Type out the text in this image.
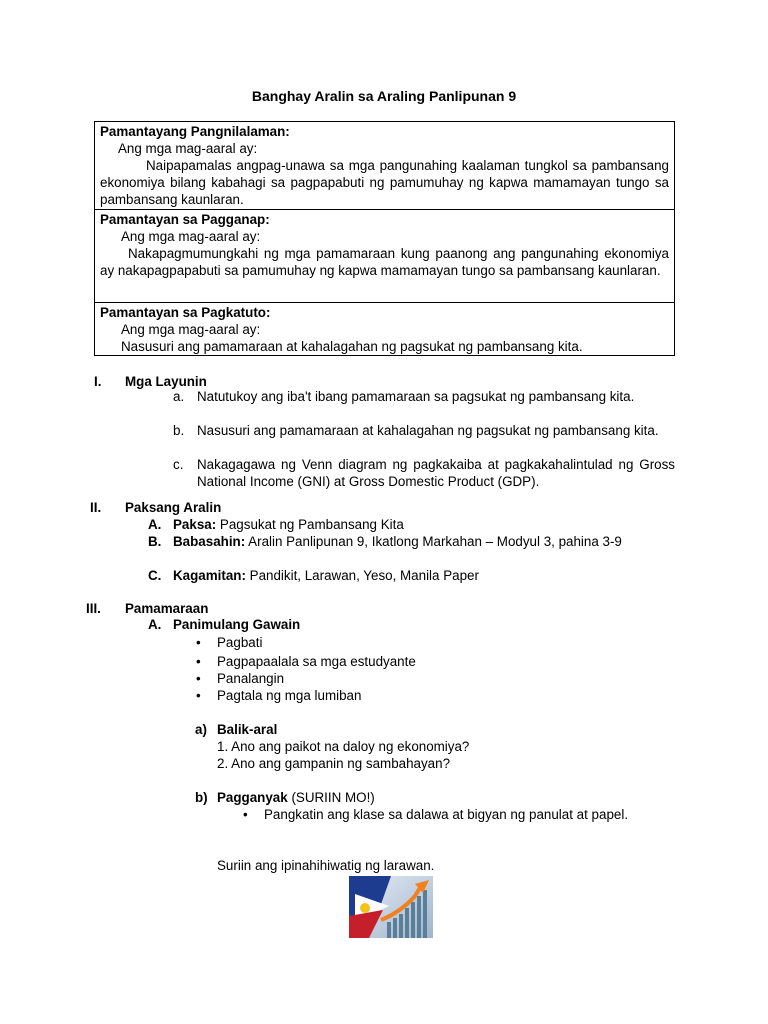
Banghay Aralin sa Araling Panlipunan 9
Pamantayang Pangnilalaman:
Ang mga mag-aaral ay:
Naipapamalas angpag-unawa sa mga pangunahing kaalaman tungkol sa pambansang ekonomiya bilang kabahagi sa pagpapabuti ng pamumuhay ng kapwa mamamayan tungo sa pambansang kaunlaran.
Pamantayan sa Pagganap:
Ang mga mag-aaral ay:
Nakapagmumungkahi ng mga pamamaraan kung paanong ang pangunahing ekonomiya ay nakapagpapabuti sa pamumuhay ng kapwa mamamayan tungo sa pambansang kaunlaran.
Pamantayan sa Pagkatuto:
Ang mga mag-aaral ay:
Nasusuri ang pamamaraan at kahalagahan ng pagsukat ng pambansang kita.
I.	Mga Layunin
a. Natutukoy ang iba't ibang pamamaraan sa pagsukat ng pambansang kita.
b. Nasusuri ang pamamaraan at kahalagahan ng pagsukat ng pambansang kita.
c.	Nakagagawa ng Venn diagram ng pagkakaiba at pagkakahalintulad ng Gross National Income (GNI) at Gross Domestic Product (GDP).
II.	Paksang Aralin
A. Paksa: Pagsukat ng Pambansang Kita
B. Babasahin: Aralin Panlipunan 9, Ikatlong Markahan – Modyul 3, pahina 3-9
C. Kagamitan: Pandikit, Larawan, Yeso, Manila Paper
III.	Pamamaraan
A. Panimulang Gawain
•	Pagbati
•	Pagpapaalala sa mga estudyante
•	Panalangin
•	Pagtala ng mga lumiban
a) Balik-aral
1. Ano ang paikot na daloy ng ekonomiya?
2. Ano ang gampanin ng sambahayan?
b) Pagganyak (SURIIN MO!)
• Pangkatin ang klase sa dalawa at bigyan ng panulat at papel.
Suriin ang ipinahihiwatig ng larawan.
